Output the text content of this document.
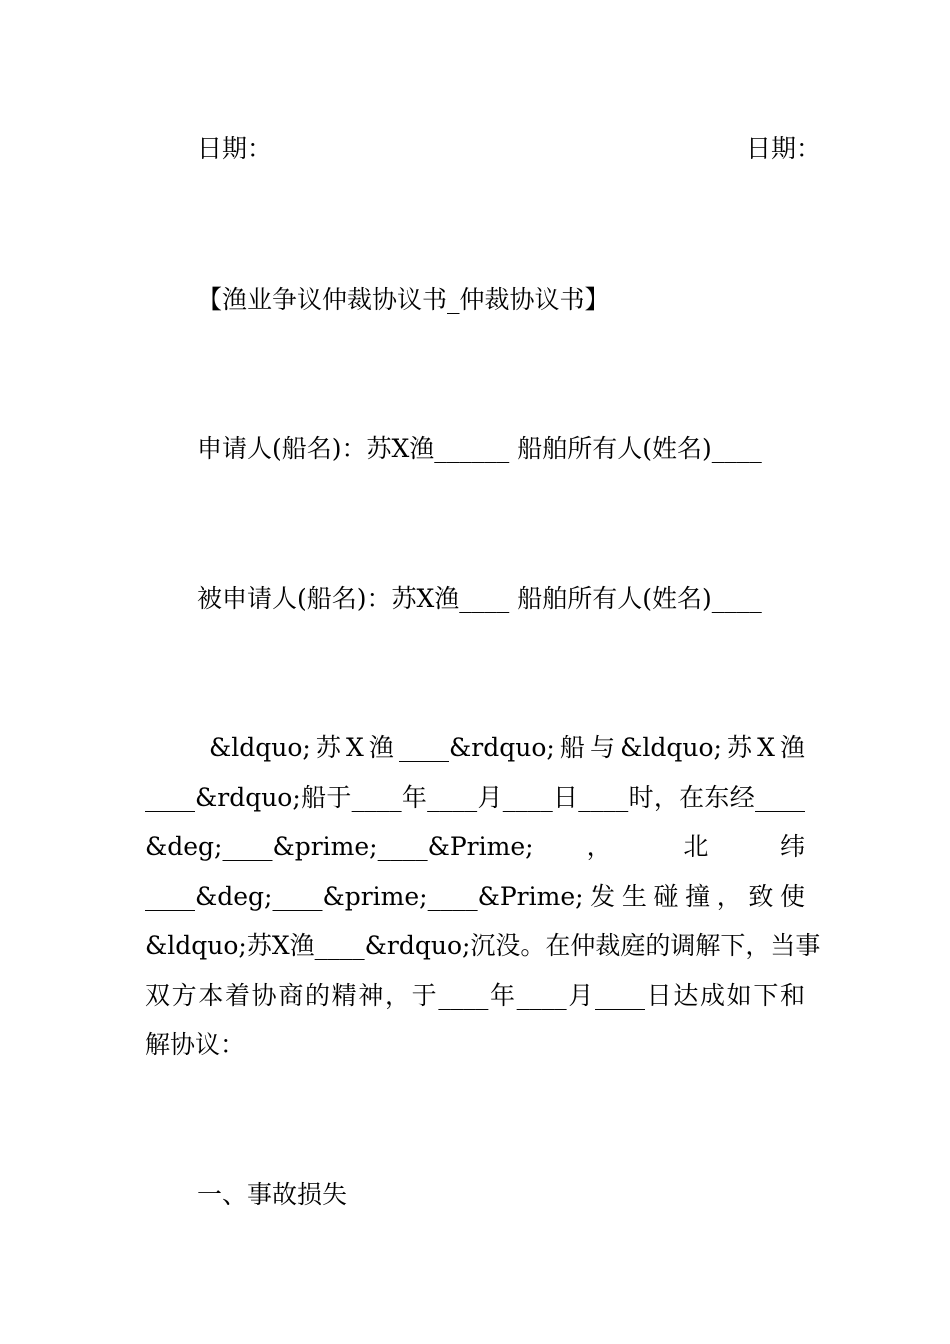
日期：	日期：
【渔业争议仲裁协议书_仲裁协议书】
申请人(船名)：苏X渔______ 船舶所有人(姓名)____
被申请人(船名)：苏X渔____ 船舶所有人(姓名)____
&ldquo;苏X渔____&rdquo;船与&ldquo;苏X渔
____&rdquo;船于____年____月____日____时，在东经____
&deg;____&prime;____&Prime;  ，  北  纬
____&deg;____&prime;____&Prime;发生碰撞，致使
&ldquo;苏X渔____&rdquo;沉没。在仲裁庭的调解下，当事
双方本着协商的精神，于____年____月____日达成如下和
解协议：
一、事故损失
